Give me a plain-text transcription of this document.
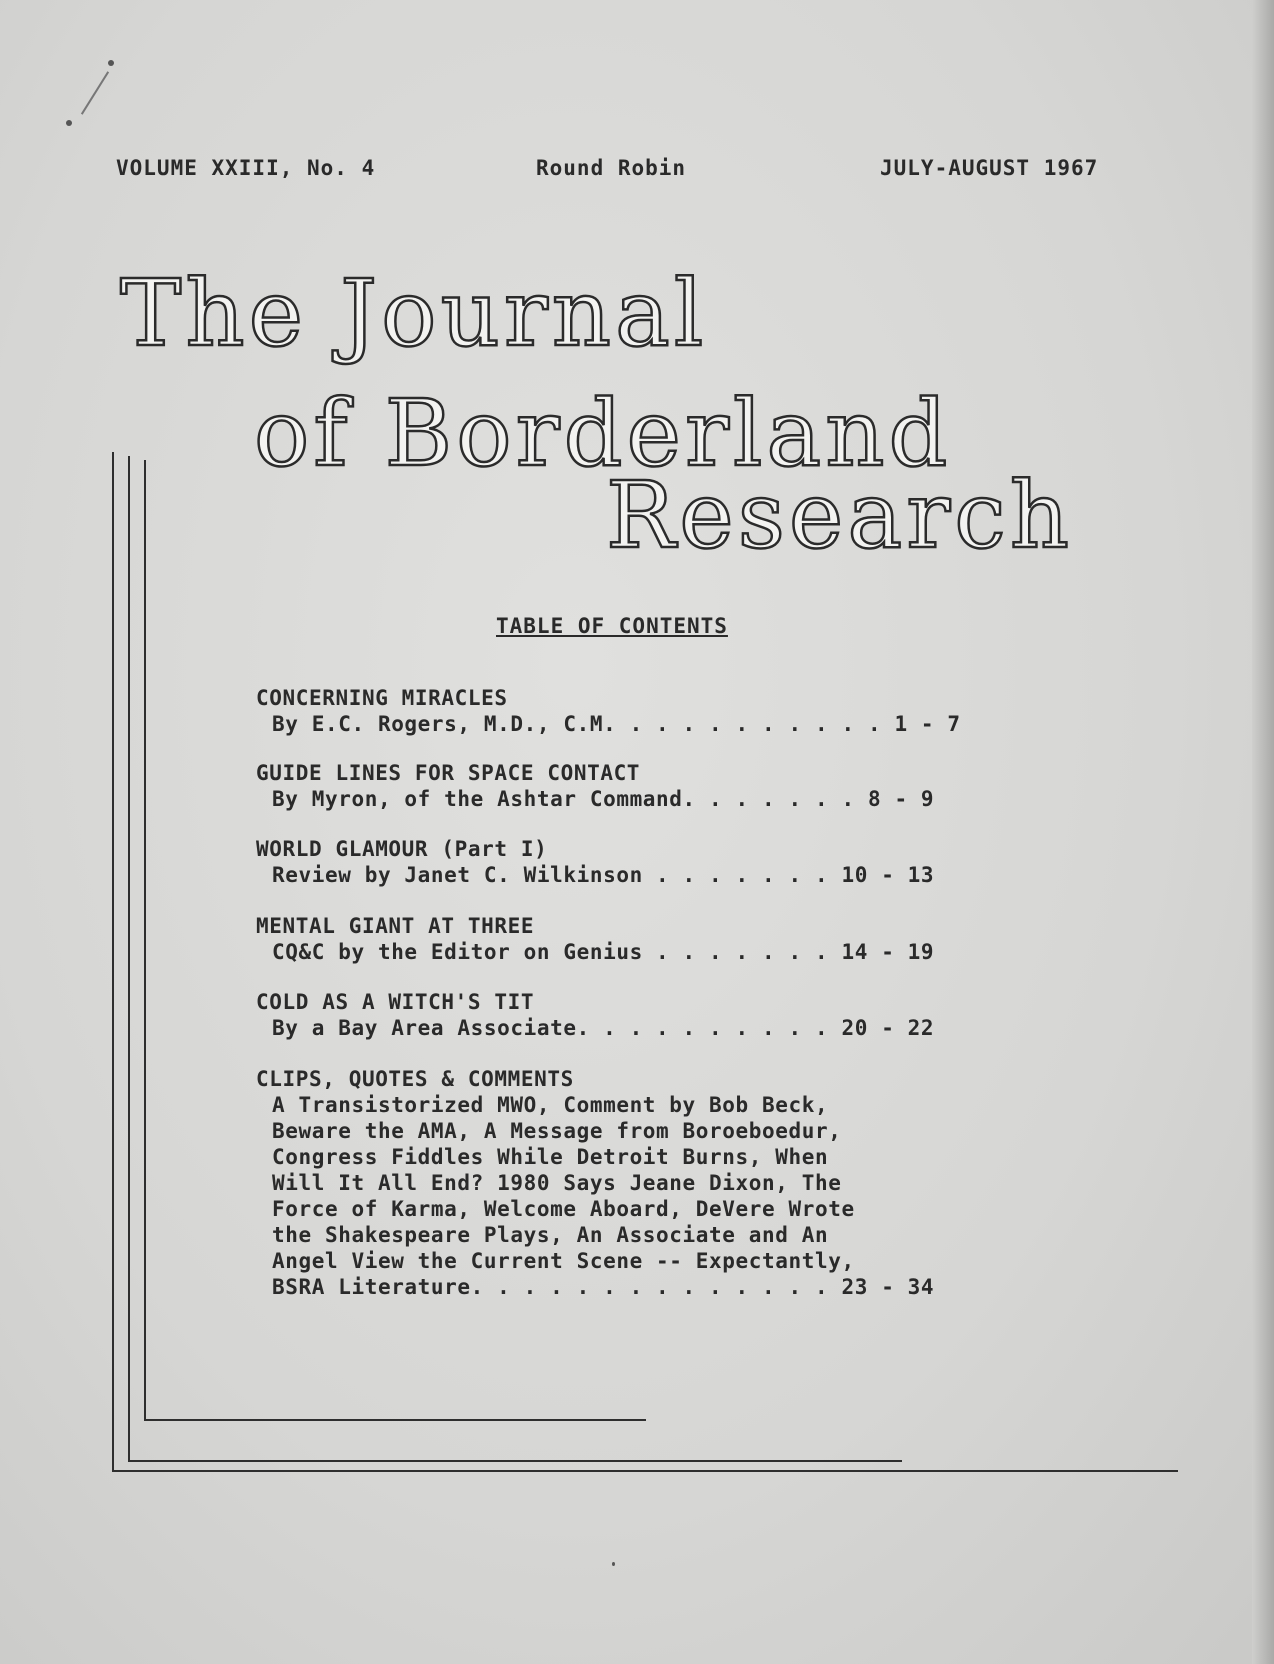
VOLUME XXIII, No. 4	Round Robin	JULY-AUGUST 1967
The Journal
of Borderland
Research
TABLE OF CONTENTS
CONCERNING MIRACLES
By E.C. Rogers, M.D., C.M. . . . . . . . . . . 1 - 7
GUIDE LINES FOR SPACE CONTACT
By Myron, of the Ashtar Command. . . . . . . 8 - 9
WORLD GLAMOUR (Part I)
Review by Janet C. Wilkinson . . . . . . . 10 - 13
MENTAL GIANT AT THREE
CQ&C by the Editor on Genius . . . . . . . 14 - 19
COLD AS A WITCH'S TIT
By a Bay Area Associate. . . . . . . . . . 20 - 22
CLIPS, QUOTES & COMMENTS
A Transistorized MWO, Comment by Bob Beck,
Beware the AMA, A Message from Boroeboedur,
Congress Fiddles While Detroit Burns, When
Will It All End? 1980 Says Jeane Dixon, The
Force of Karma, Welcome Aboard, DeVere Wrote
the Shakespeare Plays, An Associate and An
Angel View the Current Scene -- Expectantly,
BSRA Literature. . . . . . . . . . . . . . 23 - 34
